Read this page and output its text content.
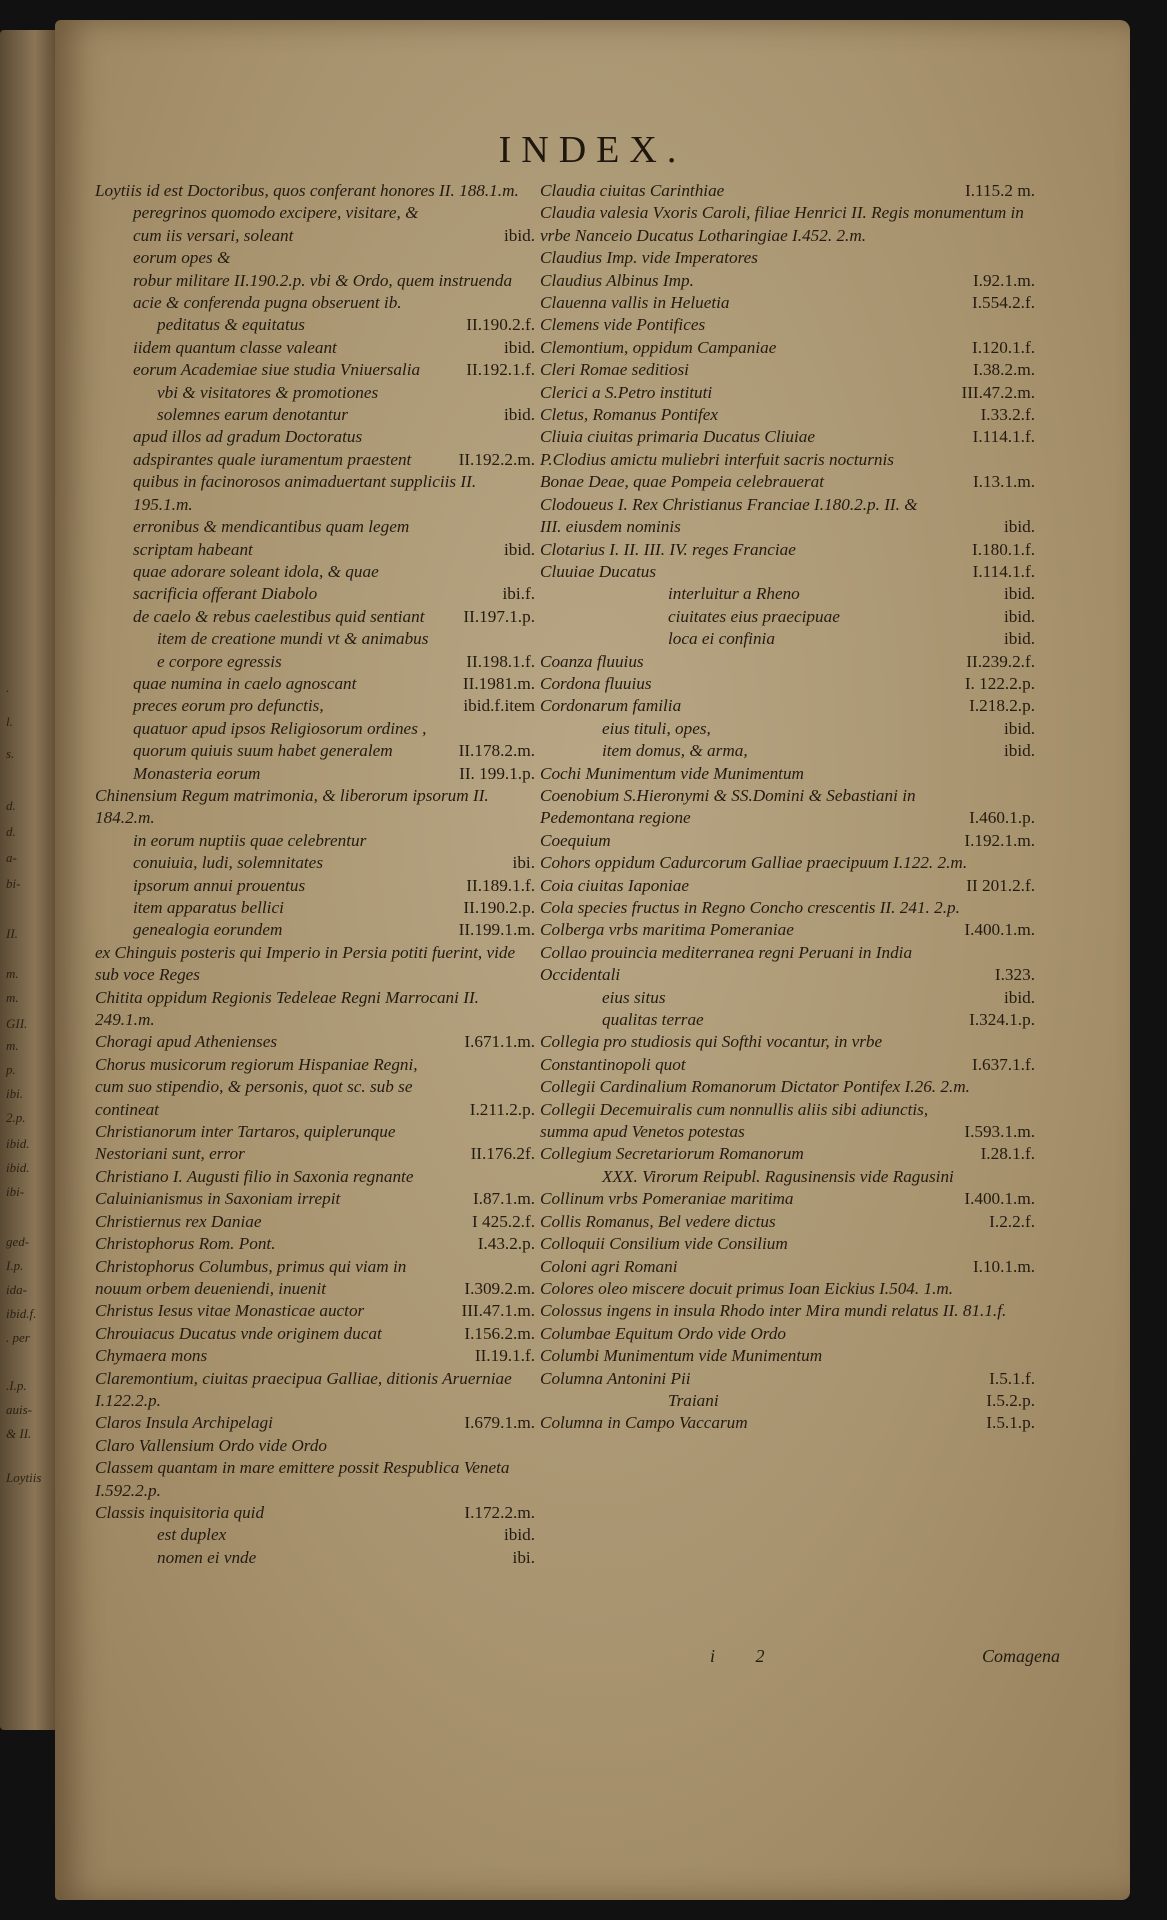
.
l.
s.
d.
d.
a-
bi-
II.
m.
m.
GII.
m.
p.
ibi.
2.p.
ibid.
ibid.
ibi-
ged-
I.p.
ida-
ibid.f.
. per
.I.p.
auis-
& II.
Loytiis
INDEX.
Loytiis id est Doctoribus, quos conferant honores II. 188.1.m.
peregrinos quomodo excipere, visitare, & cum iis versari, soleant	ibid.
eorum opes &
robur militare II.190.2.p. vbi & Ordo, quem instruenda acie & conferenda pugna obseruent ib.
peditatus & equitatus	II.190.2.f.
iidem quantum classe valeant	ibid.
eorum Academiae siue studia Vniuersalia	II.192.1.f.
vbi & visitatores & promotiones solemnes earum denotantur	ibid.
apud illos ad gradum Doctoratus adspirantes quale iuramentum praestent	II.192.2.m.
quibus in facinorosos animaduertant suppliciis II. 195.1.m.
erronibus & mendicantibus quam legem scriptam habeant	ibid.
quae adorare soleant idola, & quae sacrificia offerant Diabolo	ibi.f.
de caelo & rebus caelestibus quid sentiant	II.197.1.p.
item de creatione mundi vt & animabus e corpore egressis	II.198.1.f.
quae numina in caelo agnoscant	II.1981.m.
preces eorum pro defunctis,	ibid.f.item
quatuor apud ipsos Religiosorum ordines , quorum quiuis suum habet generalem	II.178.2.m.
Monasteria eorum	II. 199.1.p.
Chinensium Regum matrimonia, & liberorum ipsorum II. 184.2.m.
in eorum nuptiis quae celebrentur conuiuia, ludi, solemnitates	ibi.
ipsorum annui prouentus	II.189.1.f.
item apparatus bellici	II.190.2.p.
genealogia eorundem	II.199.1.m.
ex Chinguis posteris qui Imperio in Persia potiti fuerint, vide sub voce Reges
Chitita oppidum Regionis Tedeleae Regni Marrocani II. 249.1.m.
Choragi apud Athenienses	I.671.1.m.
Chorus musicorum regiorum Hispaniae Regni, cum suo stipendio, & personis, quot sc. sub se contineat	I.211.2.p.
Christianorum inter Tartaros, quiplerunque Nestoriani sunt, error	II.176.2f.
Christiano I. Augusti filio in Saxonia regnante Caluinianismus in Saxoniam irrepit	I.87.1.m.
Christiernus rex Daniae	I 425.2.f.
Christophorus Rom. Pont.	I.43.2.p.
Christophorus Columbus, primus qui viam in nouum orbem deueniendi, inuenit	I.309.2.m.
Christus Iesus vitae Monasticae auctor	III.47.1.m.
Chrouiacus Ducatus vnde originem ducat	I.156.2.m.
Chymaera mons	II.19.1.f.
Claremontium, ciuitas praecipua Galliae, ditionis Aruerniae I.122.2.p.
Claros Insula Archipelagi	I.679.1.m.
Claro Vallensium Ordo vide Ordo
Classem quantam in mare emittere possit Respublica Veneta I.592.2.p.
Classis inquisitoria quid	I.172.2.m.
est duplex	ibid.
nomen ei vnde	ibi.
Claudia ciuitas Carinthiae	I.115.2 m.
Claudia valesia Vxoris Caroli, filiae Henrici II. Regis monumentum in vrbe Nanceio Ducatus Lotharingiae I.452. 2.m.
Claudius Imp. vide Imperatores
Claudius Albinus Imp.	I.92.1.m.
Clauenna vallis in Heluetia	I.554.2.f.
Clemens vide Pontifices
Clemontium, oppidum Campaniae	I.120.1.f.
Cleri Romae seditiosi	I.38.2.m.
Clerici a S.Petro instituti	III.47.2.m.
Cletus, Romanus Pontifex	I.33.2.f.
Cliuia ciuitas primaria Ducatus Cliuiae	I.114.1.f.
P.Clodius amictu muliebri interfuit sacris nocturnis Bonae Deae, quae Pompeia celebrauerat	I.13.1.m.
Clodoueus I. Rex Christianus Franciae I.180.2.p. II. & III. eiusdem nominis	ibid.
Clotarius I. II. III. IV. reges Franciae	I.180.1.f.
Cluuiae Ducatus	I.114.1.f.
interluitur a Rheno	ibid.
ciuitates eius praecipuae	ibid.
loca ei confinia	ibid.
Coanza fluuius	II.239.2.f.
Cordona fluuius	I. 122.2.p.
Cordonarum familia	I.218.2.p.
eius tituli, opes,	ibid.
item domus, & arma,	ibid.
Cochi Munimentum vide Munimentum
Coenobium S.Hieronymi & SS.Domini & Sebastiani in Pedemontana regione	I.460.1.p.
Coequium	I.192.1.m.
Cohors oppidum Cadurcorum Galliae praecipuum I.122. 2.m.
Coia ciuitas Iaponiae	II 201.2.f.
Cola species fructus in Regno Concho crescentis II. 241. 2.p.
Colberga vrbs maritima Pomeraniae	I.400.1.m.
Collao prouincia mediterranea regni Peruani in India Occidentali	I.323.
eius situs	ibid.
qualitas terrae	I.324.1.p.
Collegia pro studiosis qui Softhi vocantur, in vrbe Constantinopoli quot	I.637.1.f.
Collegii Cardinalium Romanorum Dictator Pontifex I.26. 2.m.
Collegii Decemuiralis cum nonnullis aliis sibi adiunctis, summa apud Venetos potestas	I.593.1.m.
Collegium Secretariorum Romanorum	I.28.1.f.
XXX. Virorum Reipubl. Ragusinensis vide Ragusini
Collinum vrbs Pomeraniae maritima	I.400.1.m.
Collis Romanus, Bel vedere dictus	I.2.2.f.
Colloquii Consilium vide Consilium
Coloni agri Romani	I.10.1.m.
Colores oleo miscere docuit primus Ioan Eickius I.504. 1.m.
Colossus ingens in insula Rhodo inter Mira mundi relatus II. 81.1.f.
Columbae Equitum Ordo vide Ordo
Columbi Munimentum vide Munimentum
Columna Antonini Pii	I.5.1.f.
Traiani	I.5.2.p.
Columna in Campo Vaccarum	I.5.1.p.
i 2	Comagena
